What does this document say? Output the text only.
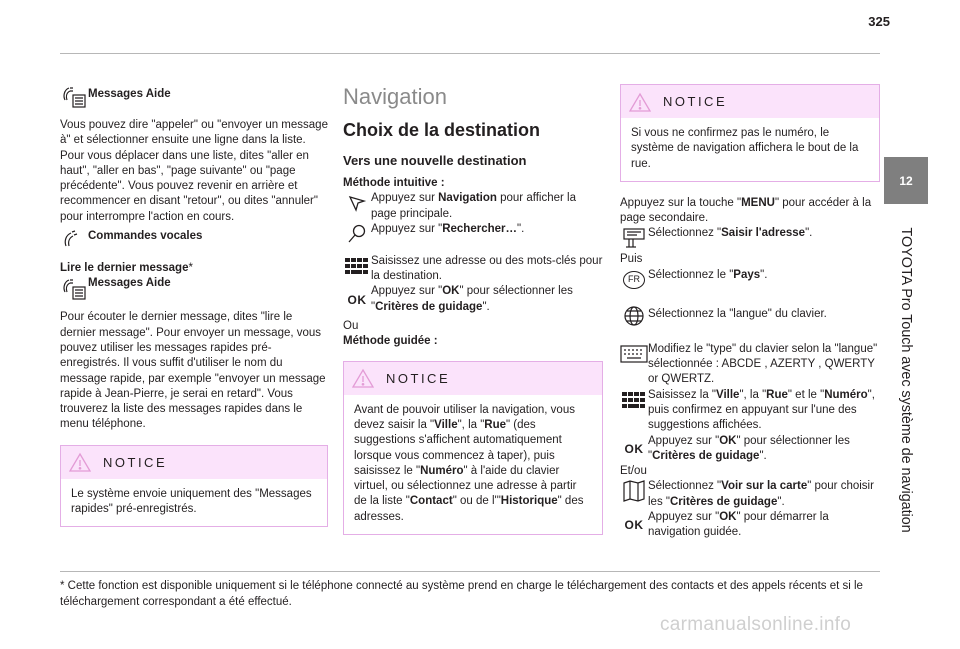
325
12
TOYOTA Pro Touch avec système de navigation
Messages Aide

Vous pouvez dire "appeler" ou "envoyer un message à" et sélectionner ensuite une ligne dans la liste. Pour vous déplacer dans une liste, dites "aller en haut", "aller en bas", "page suivante" ou "page précédente". Vous pouvez revenir en arrière et recommencer en disant "retour", ou dites "annuler" pour interrompre l'action en cours.

Commandes vocales

Lire le dernier message*

Messages Aide

Pour écouter le dernier message, dites "lire le dernier message". Pour envoyer un message, vous pouvez utiliser les messages rapides pré-enregistrés. Il vous suffit d'utiliser le nom du message rapide, par exemple "envoyer un message rapide à Jean-Pierre, je serai en retard". Vous trouverez la liste des messages rapides dans le menu téléphone.

NOTICE
Le système envoie uniquement des "Messages rapides" pré-enregistrés.
Navigation
Choix de la destination
Vers une nouvelle destination

Méthode intuitive :

Appuyez sur Navigation pour afficher la page principale.

Appuyez sur "Rechercher…".

Saisissez une adresse ou des mots-clés pour la destination.

OK

Appuyez sur "OK" pour sélectionner les "Critères de guidage".

Ou

Méthode guidée :

NOTICE

Avant de pouvoir utiliser la navigation, vous devez saisir la "Ville", la "Rue" (des suggestions s'affichent automatiquement lorsque vous commencez à taper), puis saisissez le "Numéro" à l'aide du clavier virtuel, ou sélectionnez une adresse à partir de la liste "Contact" ou de l'"Historique" des adresses.

NOTICE
Si vous ne confirmez pas le numéro, le système de navigation affichera le bout de la rue.

Appuyez sur la touche "MENU" pour accéder à la page secondaire.

Sélectionnez "Saisir l'adresse".

Puis

FR Sélectionnez le "Pays".

Sélectionnez la "langue" du clavier.

Modifiez le "type" du clavier selon la "langue" sélectionnée : ABCDE , AZERTY , QWERTY or QWERTZ.

Saisissez la "Ville", la "Rue" et le "Numéro", puis confirmez en appuyant sur l'une des suggestions affichées.

OK

Appuyez sur "OK" pour sélectionner les "Critères de guidage".

Et/ou

Sélectionnez "Voir sur la carte" pour choisir les "Critères de guidage".

OK

Appuyez sur "OK" pour démarrer la navigation guidée.

* Cette fonction est disponible uniquement si le téléphone connecté au système prend en charge le téléchargement des contacts et des appels récents et si le téléchargement correspondant a été effectué.

carmanualsonline.info
